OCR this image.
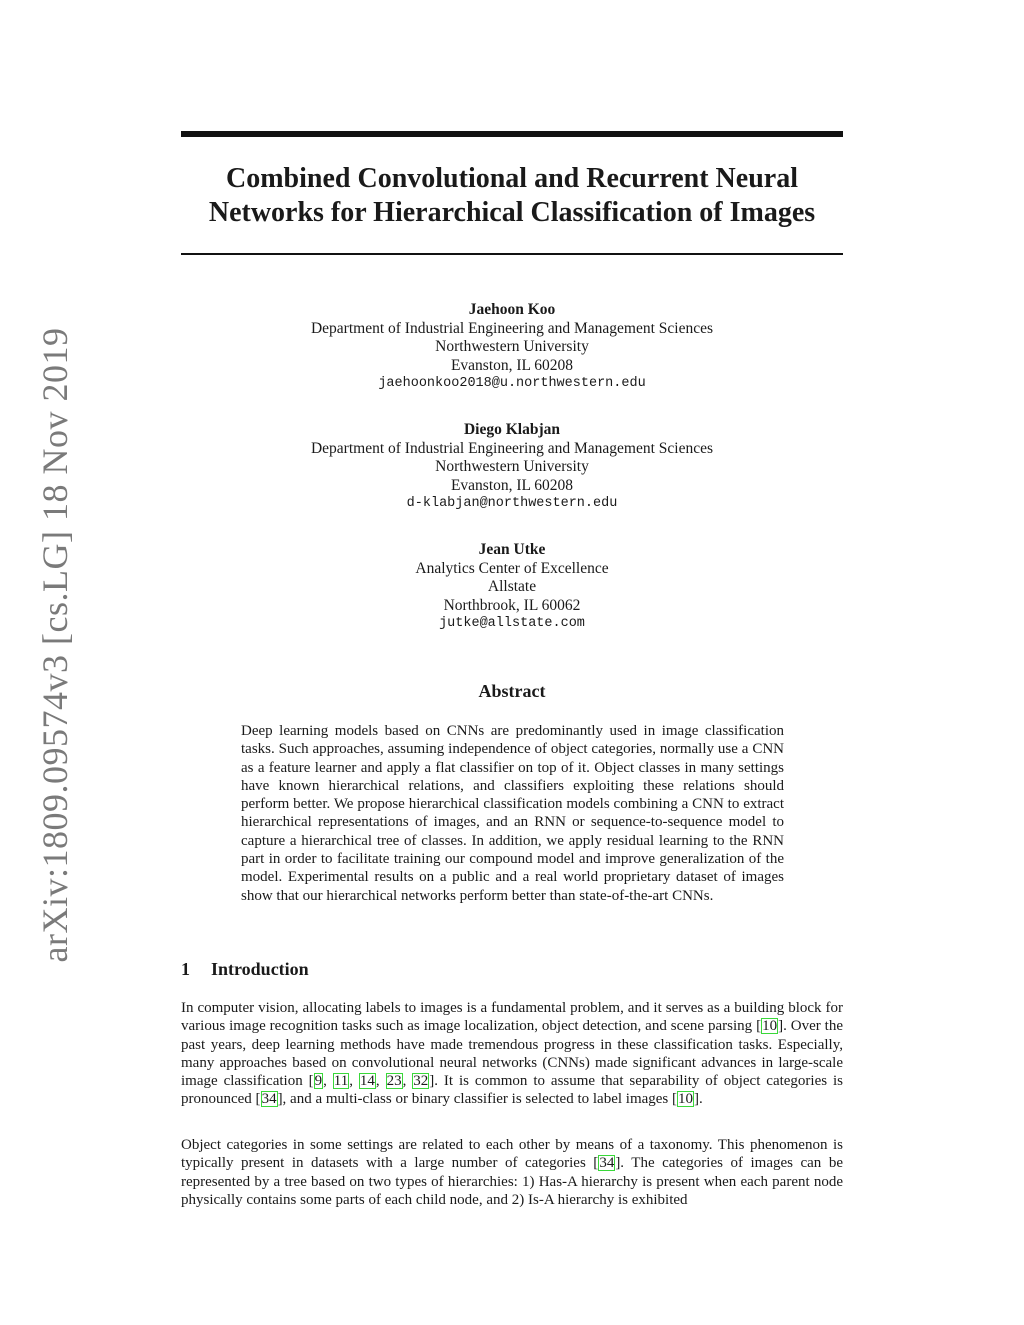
arXiv:1809.09574v3 [cs.LG] 18 Nov 2019
Combined Convolutional and Recurrent Neural
Networks for Hierarchical Classification of Images
Jaehoon Koo
Department of Industrial Engineering and Management Sciences
Northwestern University
Evanston, IL 60208
jaehoonkoo2018@u.northwestern.edu
Diego Klabjan
Department of Industrial Engineering and Management Sciences
Northwestern University
Evanston, IL 60208
d-klabjan@northwestern.edu
Jean Utke
Analytics Center of Excellence
Allstate
Northbrook, IL 60062
jutke@allstate.com
Abstract

Deep learning models based on CNNs are predominantly used in image classification tasks. Such approaches, assuming independence of object categories, normally use a CNN as a feature learner and apply a flat classifier on top of it. Object classes in many settings have known hierarchical relations, and classifiers exploiting these relations should perform better. We propose hierarchical classification models combining a CNN to extract hierarchical representations of images, and an RNN or sequence-to-sequence model to capture a hierarchical tree of classes. In addition, we apply residual learning to the RNN part in order to facilitate training our compound model and improve generalization of the model. Experimental results on a public and a real world proprietary dataset of images show that our hierarchical networks perform better than state-of-the-art CNNs.

1 Introduction

In computer vision, allocating labels to images is a fundamental problem, and it serves as a building block for various image recognition tasks such as image localization, object detection, and scene parsing [10]. Over the past years, deep learning methods have made tremendous progress in these classification tasks. Especially, many approaches based on convolutional neural networks (CNNs) made significant advances in large-scale image classification [9, 11, 14, 23, 32]. It is common to assume that separability of object categories is pronounced [34], and a multi-class or binary classifier is selected to label images [10].

Object categories in some settings are related to each other by means of a taxonomy. This phenomenon is typically present in datasets with a large number of categories [34]. The categories of images can be represented by a tree based on two types of hierarchies: 1) Has-A hierarchy is present when each parent node physically contains some parts of each child node, and 2) Is-A hierarchy is exhibited
